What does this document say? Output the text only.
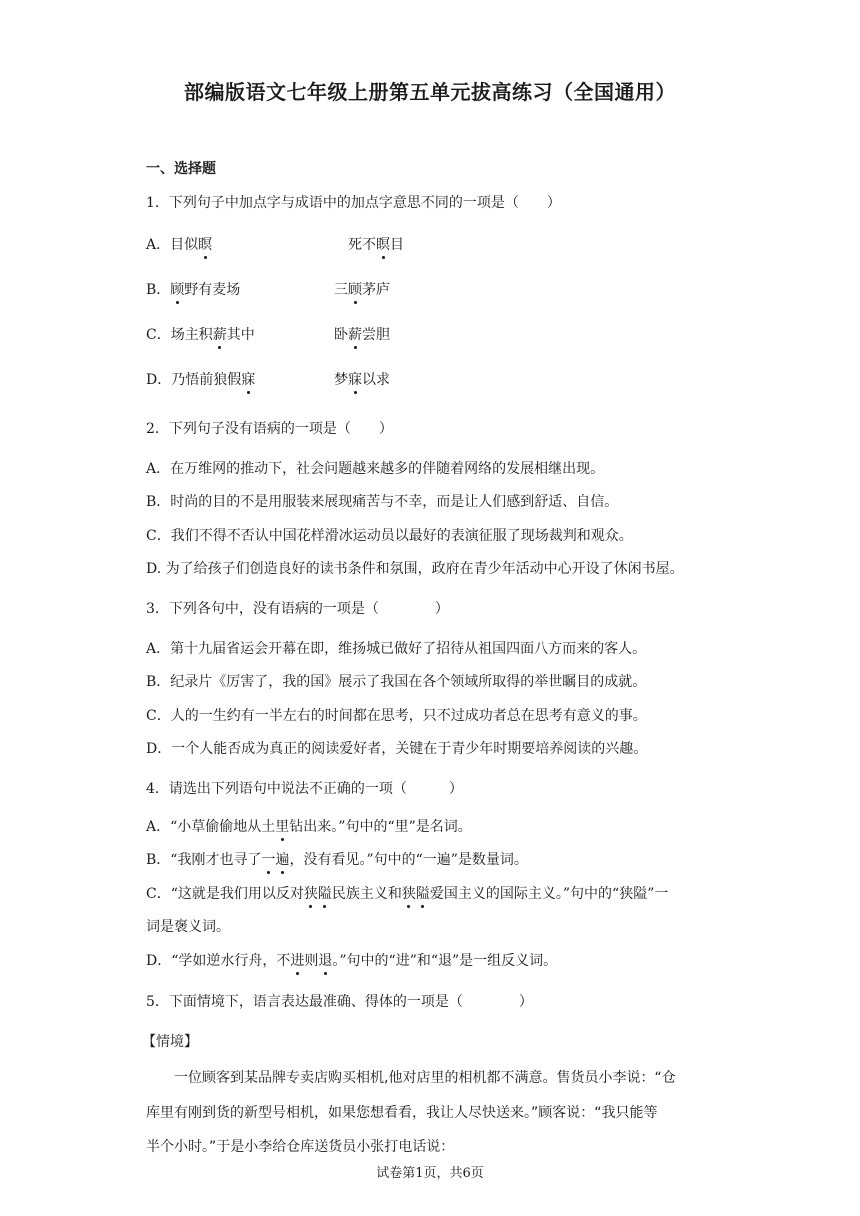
部编版语文七年级上册第五单元拔高练习（全国通用）
一、选择题
1．下列句子中加点字与成语中的加点字意思不同的一项是（　　）
A．目似瞑	死不瞑目
B．顾野有麦场	三顾茅庐
C．场主积薪其中	卧薪尝胆
D．乃悟前狼假寐	梦寐以求
2．下列句子没有语病的一项是（　　）
A．在万维网的推动下，社会问题越来越多的伴随着网络的发展相继出现。
B．时尚的目的不是用服装来展现痛苦与不幸，而是让人们感到舒适、自信。
C．我们不得不否认中国花样滑冰运动员以最好的表演征服了现场裁判和观众。
D. 为了给孩子们创造良好的读书条件和氛围，政府在青少年活动中心开设了休闲书屋。
3．下列各句中，没有语病的一项是（　　　　）
A．第十九届省运会开幕在即，维扬城已做好了招待从祖国四面八方而来的客人。
B．纪录片《厉害了，我的国》展示了我国在各个领域所取得的举世瞩目的成就。
C．人的一生约有一半左右的时间都在思考，只不过成功者总在思考有意义的事。
D．一个人能否成为真正的阅读爱好者，关键在于青少年时期要培养阅读的兴趣。
4．请选出下列语句中说法不正确的一项（　　　）
A．“小草偷偷地从土里钻出来。”句中的“里”是名词。
B．“我刚才也寻了一遍，没有看见。”句中的“一遍”是数量词。
C．“这就是我们用以反对狭隘民族主义和狭隘爱国主义的国际主义。”句中的“狭隘”一
词是褒义词。
D．“学如逆水行舟，不进则退。”句中的“进”和“退”是一组反义词。
5．下面情境下，语言表达最准确、得体的一项是（　　　　）
【情境】
一位顾客到某品牌专卖店购买相机,他对店里的相机都不满意。售货员小李说：“仓
库里有刚到货的新型号相机，如果您想看看，我让人尽快送来。”顾客说：“我只能等
半个小时。”于是小李给仓库送货员小张打电话说：
试卷第1页，共6页
